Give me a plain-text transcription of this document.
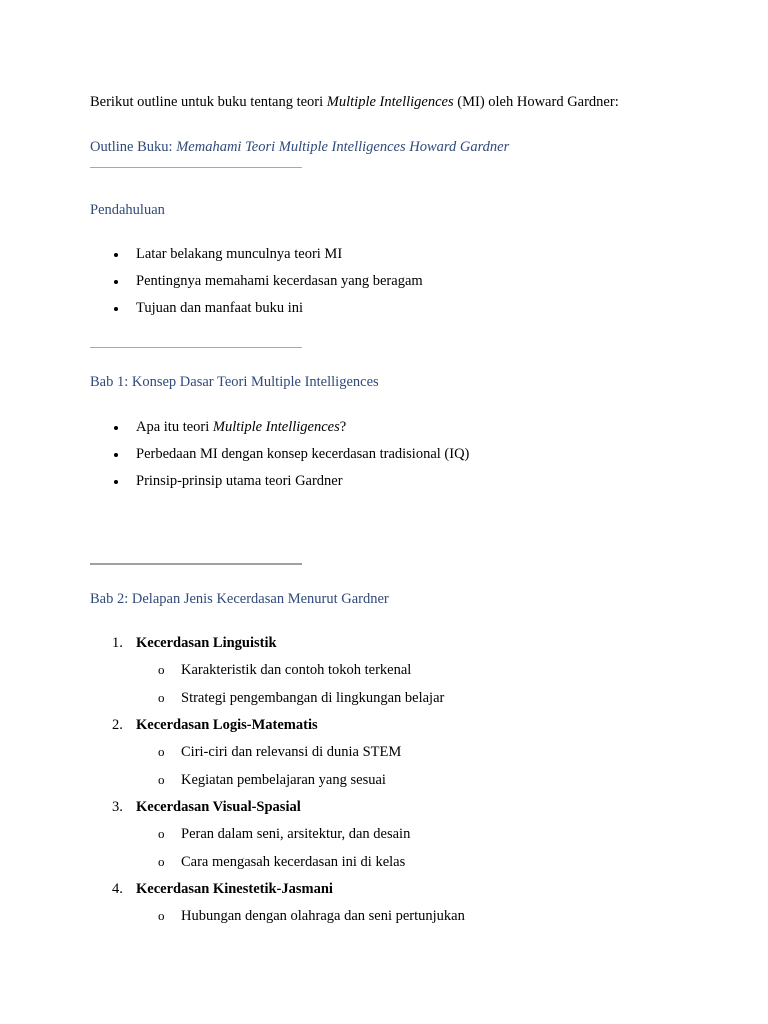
Berikut outline untuk buku tentang teori Multiple Intelligences (MI) oleh Howard Gardner:
Outline Buku: Memahami Teori Multiple Intelligences Howard Gardner
Pendahuluan
Latar belakang munculnya teori MI
Pentingnya memahami kecerdasan yang beragam
Tujuan dan manfaat buku ini
Bab 1: Konsep Dasar Teori Multiple Intelligences
Apa itu teori Multiple Intelligences?
Perbedaan MI dengan konsep kecerdasan tradisional (IQ)
Prinsip-prinsip utama teori Gardner
Bab 2: Delapan Jenis Kecerdasan Menurut Gardner
1. Kecerdasan Linguistik
o Karakteristik dan contoh tokoh terkenal
o Strategi pengembangan di lingkungan belajar
2. Kecerdasan Logis-Matematis
o Ciri-ciri dan relevansi di dunia STEM
o Kegiatan pembelajaran yang sesuai
3. Kecerdasan Visual-Spasial
o Peran dalam seni, arsitektur, dan desain
o Cara mengasah kecerdasan ini di kelas
4. Kecerdasan Kinestetik-Jasmani
o Hubungan dengan olahraga dan seni pertunjukan
